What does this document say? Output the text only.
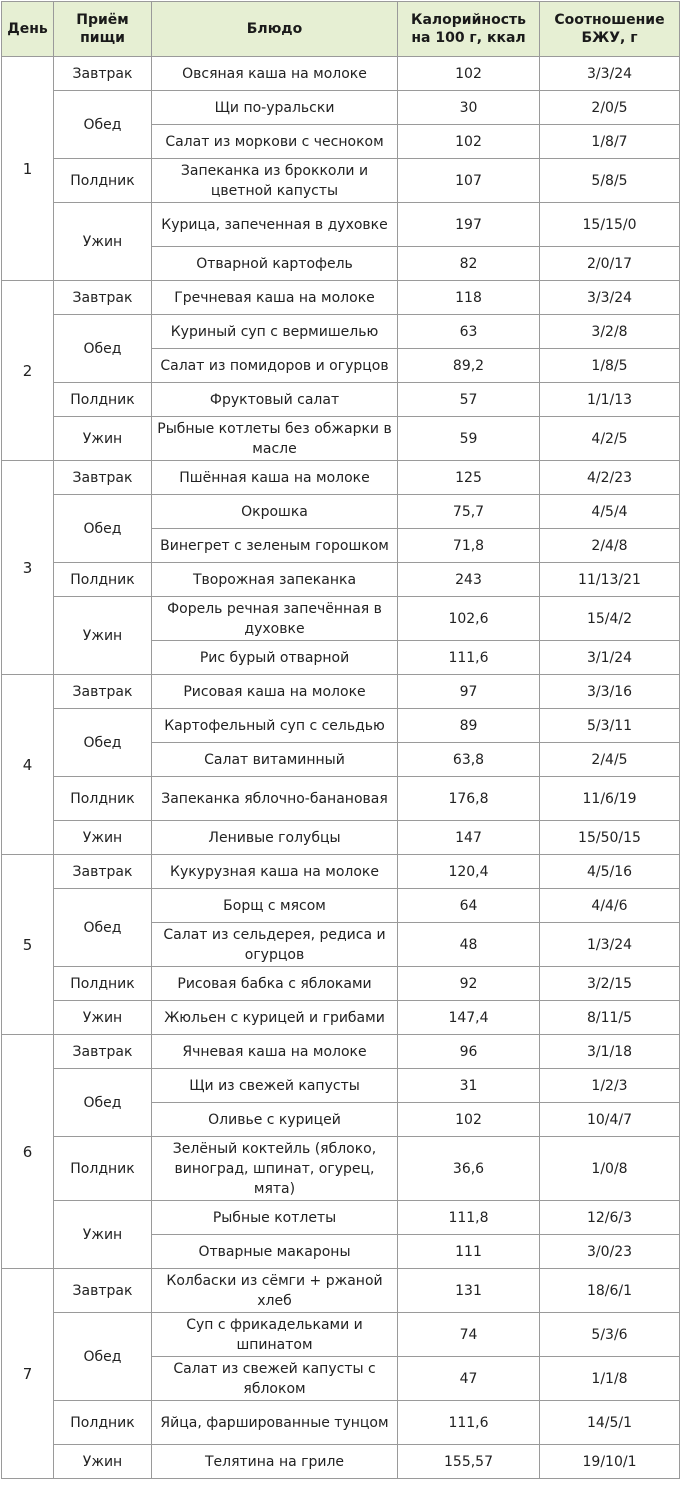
День	Приём пищи	Блюдо	Калорийность на 100 г, ккал	Соотношение БЖУ, г
1	Завтрак	Овсяная каша на молоке	102	3/3/24
	Обед	Щи по-уральски	30	2/0/5
		Салат из моркови с чесноком	102	1/8/7
	Полдник	Запеканка из брокколи и цветной капусты	107	5/8/5
	Ужин	Курица, запеченная в духовке	197	15/15/0
		Отварной картофель	82	2/0/17
2	Завтрак	Гречневая каша на молоке	118	3/3/24
	Обед	Куриный суп с вермишелью	63	3/2/8
		Салат из помидоров и огурцов	89,2	1/8/5
	Полдник	Фруктовый салат	57	1/1/13
	Ужин	Рыбные котлеты без обжарки в масле	59	4/2/5
3	Завтрак	Пшённая каша на молоке	125	4/2/23
	Обед	Окрошка	75,7	4/5/4
		Винегрет с зеленым горошком	71,8	2/4/8
	Полдник	Творожная запеканка	243	11/13/21
	Ужин	Форель речная запечённая в духовке	102,6	15/4/2
		Рис бурый отварной	111,6	3/1/24
4	Завтрак	Рисовая каша на молоке	97	3/3/16
	Обед	Картофельный суп с сельдью	89	5/3/11
		Салат витаминный	63,8	2/4/5
	Полдник	Запеканка яблочно-банановая	176,8	11/6/19
	Ужин	Ленивые голубцы	147	15/50/15
5	Завтрак	Кукурузная каша на молоке	120,4	4/5/16
	Обед	Борщ с мясом	64	4/4/6
		Салат из сельдерея, редиса и огурцов	48	1/3/24
	Полдник	Рисовая бабка с яблоками	92	3/2/15
	Ужин	Жюльен с курицей и грибами	147,4	8/11/5
6	Завтрак	Ячневая каша на молоке	96	3/1/18
	Обед	Щи из свежей капусты	31	1/2/3
		Оливье с курицей	102	10/4/7
	Полдник	Зелёный коктейль (яблоко, виноград, шпинат, огурец, мята)	36,6	1/0/8
	Ужин	Рыбные котлеты	111,8	12/6/3
		Отварные макароны	111	3/0/23
7	Завтрак	Колбаски из сёмги + ржаной хлеб	131	18/6/1
	Обед	Суп с фрикадельками и шпинатом	74	5/3/6
		Салат из свежей капусты с яблоком	47	1/1/8
	Полдник	Яйца, фаршированные тунцом	111,6	14/5/1
	Ужин	Телятина на гриле	155,57	19/10/1
